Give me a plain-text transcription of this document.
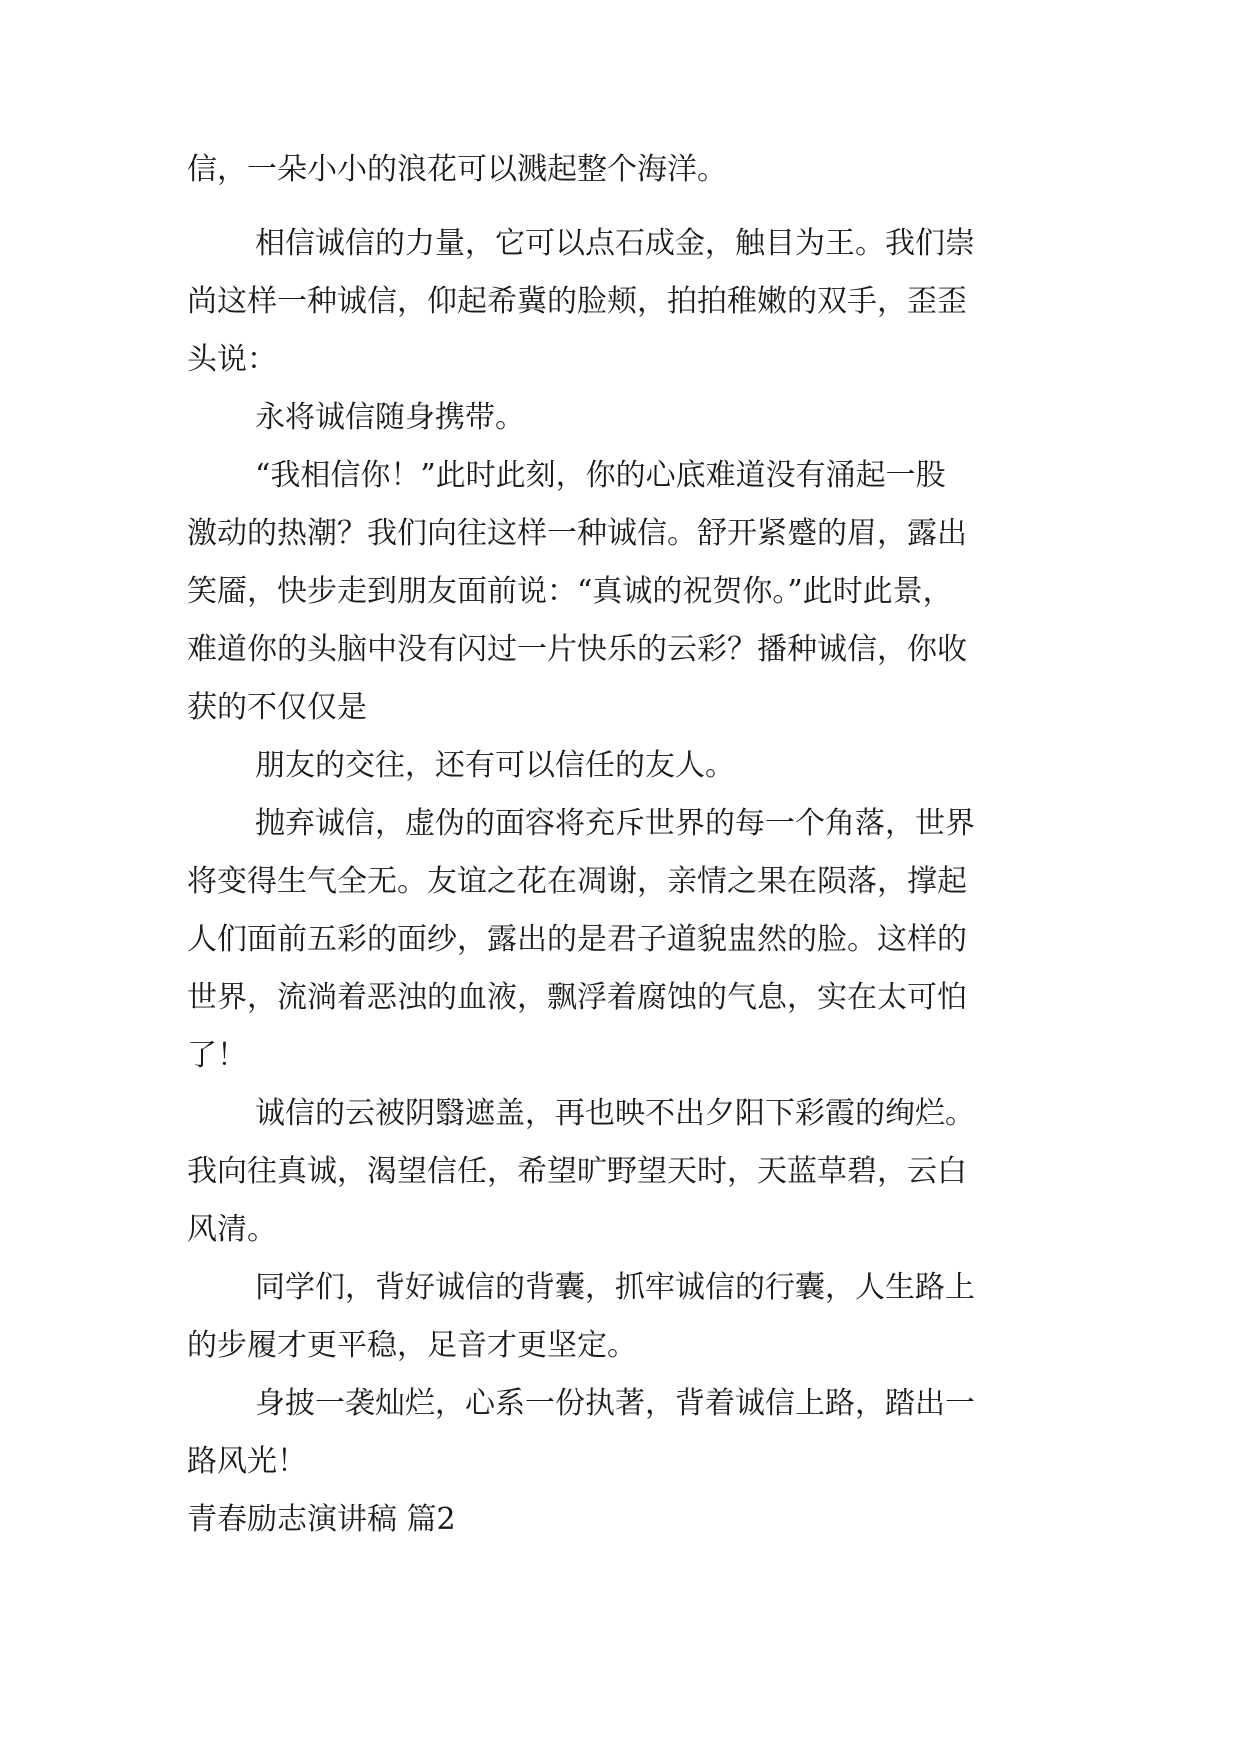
信，一朵小小的浪花可以溅起整个海洋。

相信诚信的力量，它可以点石成金，触目为王。我们崇

尚这样一种诚信，仰起希冀的脸颊，拍拍稚嫩的双手，歪歪

头说：

永将诚信随身携带。

“我相信你！”此时此刻，你的心底难道没有涌起一股

激动的热潮？我们向往这样一种诚信。舒开紧蹙的眉，露出

笑靥，快步走到朋友面前说：“真诚的祝贺你。”此时此景，

难道你的头脑中没有闪过一片快乐的云彩？播种诚信，你收

获的不仅仅是

朋友的交往，还有可以信任的友人。

抛弃诚信，虚伪的面容将充斥世界的每一个角落，世界

将变得生气全无。友谊之花在凋谢，亲情之果在陨落，撑起

人们面前五彩的面纱，露出的是君子道貌盅然的脸。这样的

世界，流淌着恶浊的血液，飘浮着腐蚀的气息，实在太可怕

了！

诚信的云被阴翳遮盖，再也映不出夕阳下彩霞的绚烂。

我向往真诚，渴望信任，希望旷野望天时，天蓝草碧，云白

风清。

同学们，背好诚信的背囊，抓牢诚信的行囊，人生路上

的步履才更平稳，足音才更坚定。

身披一袭灿烂，心系一份执著，背着诚信上路，踏出一

路风光！

青春励志演讲稿 篇2
